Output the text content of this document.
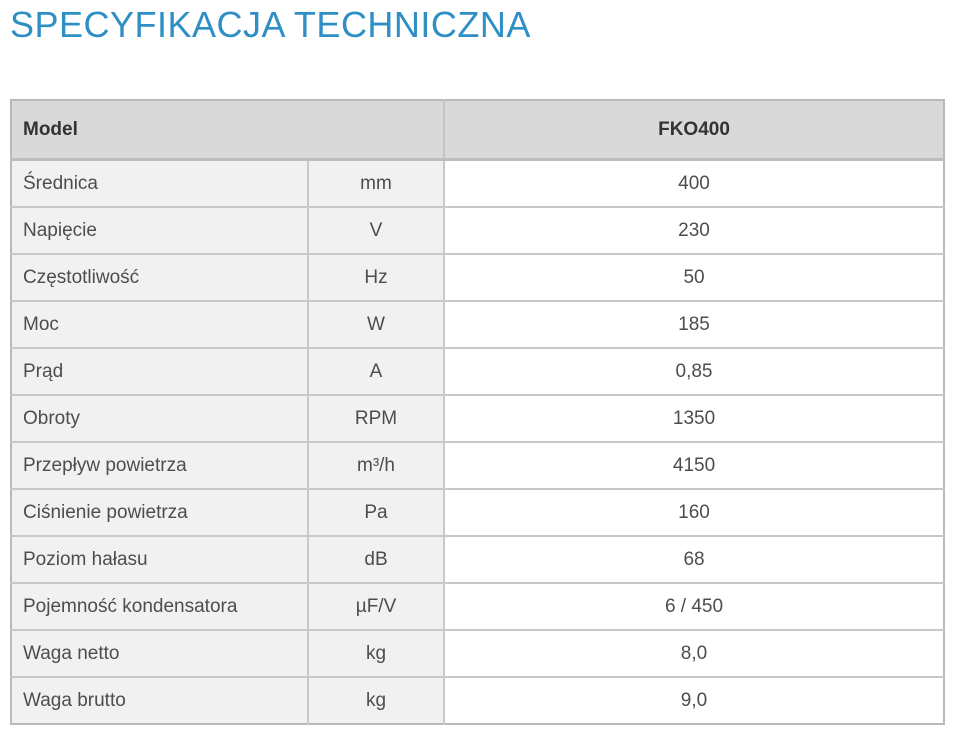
SPECYFIKACJA TECHNICZNA
Model		FKO400
Średnica	mm	400
Napięcie	V	230
Częstotliwość	Hz	50
Moc	W	185
Prąd	A	0,85
Obroty	RPM	1350
Przepływ powietrza	m³/h	4150
Ciśnienie powietrza	Pa	160
Poziom hałasu	dB	68
Pojemność kondensatora	µF/V	6 / 450
Waga netto	kg	8,0
Waga brutto	kg	9,0
